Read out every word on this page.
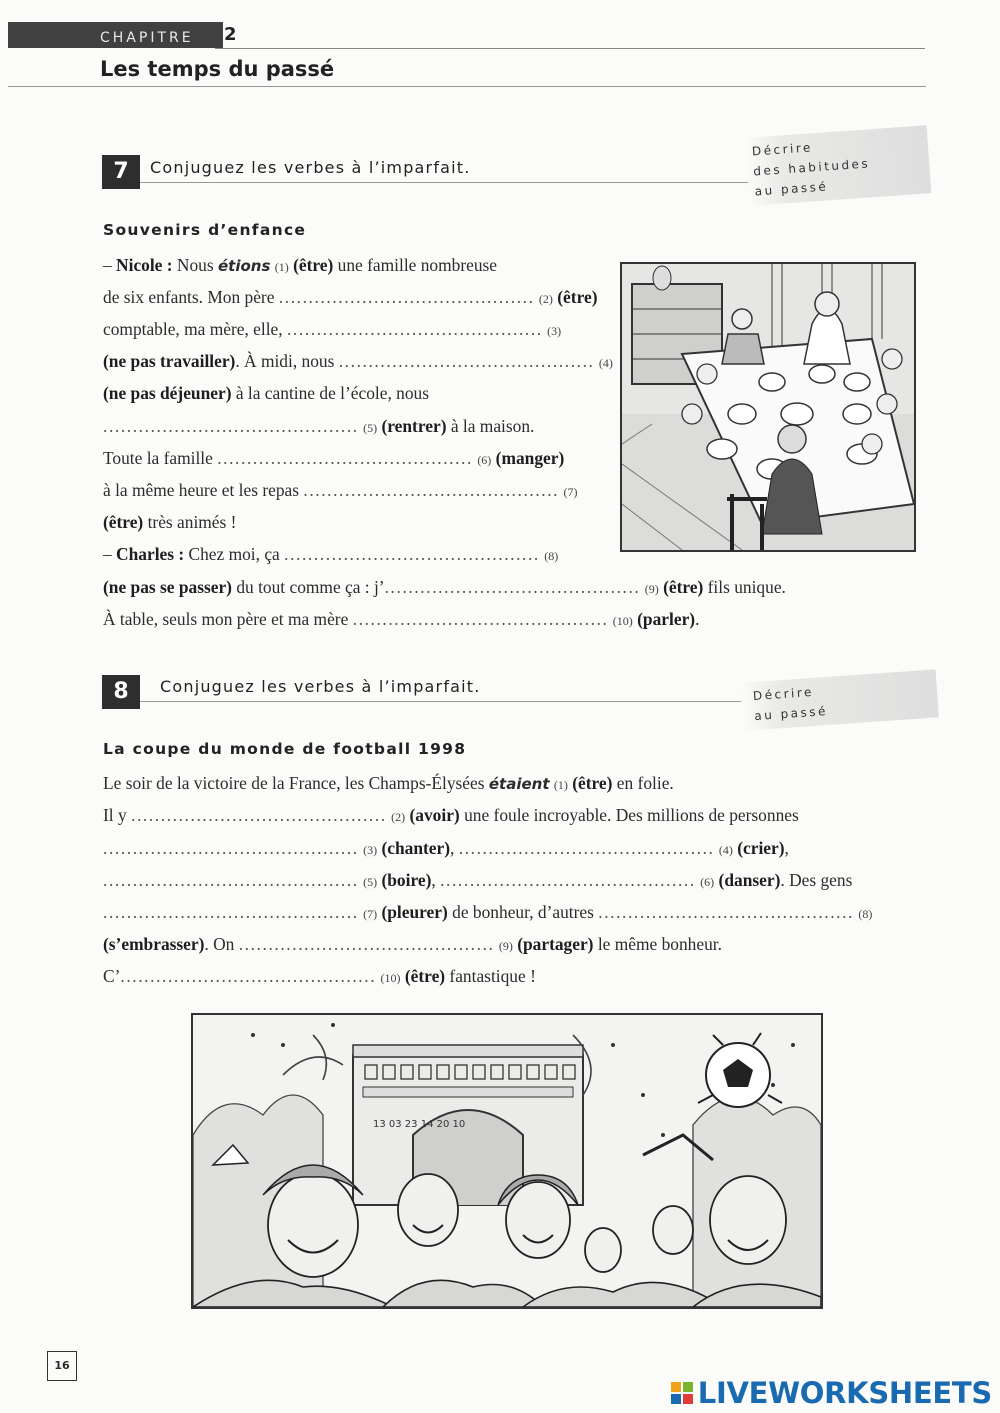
CHAPITRE 2
Les temps du passé
7	Conjuguez les verbes à l’imparfait.
Décrire
des habitudes
au passé
Souvenirs d’enfance
– Nicole : Nous étions (1) (être) une famille nombreuse
de six enfants. Mon père ........................................... (2) (être)
comptable, ma mère, elle, ........................................... (3)
(ne pas travailler). À midi, nous ........................................... (4)
(ne pas déjeuner) à la cantine de l’école, nous
........................................... (5) (rentrer) à la maison.
Toute la famille ........................................... (6) (manger)
à la même heure et les repas ........................................... (7)
(être) très animés !
– Charles : Chez moi, ça ........................................... (8)
(ne pas se passer) du tout comme ça : j’........................................... (9) (être) fils unique.
À table, seuls mon père et ma mère ........................................... (10) (parler).
8	Conjuguez les verbes à l’imparfait.	Décrire
au passé
La coupe du monde de football 1998
Le soir de la victoire de la France, les Champs-Élysées étaient (1) (être) en folie.
Il y ........................................... (2) (avoir) une foule incroyable. Des millions de personnes
........................................... (3) (chanter), ........................................... (4) (crier),
........................................... (5) (boire), ........................................... (6) (danser). Des gens
........................................... (7) (pleurer) de bonheur, d’autres ........................................... (8)
(s’embrasser). On ........................................... (9) (partager) le même bonheur.
C’........................................... (10) (être) fantastique !
13 03 23 14 20 10
16
LIVEWORKSHEETS
